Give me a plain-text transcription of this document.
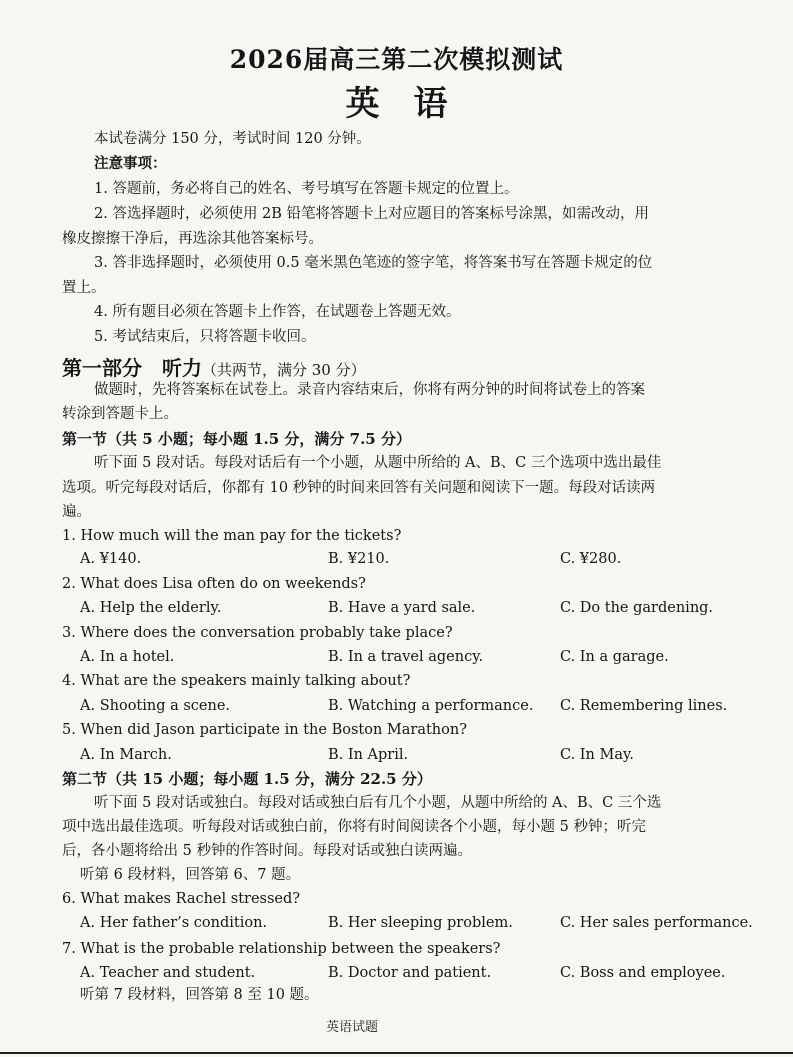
2026届高三第二次模拟测试
英语
本试卷满分 150 分，考试时间 120 分钟。
注意事项：
1. 答题前，务必将自己的姓名、考号填写在答题卡规定的位置上。
2. 答选择题时，必须使用 2B 铅笔将答题卡上对应题目的答案标号涂黑，如需改动，用
橡皮擦擦干净后，再选涂其他答案标号。
3. 答非选择题时，必须使用 0.5 毫米黑色笔迹的签字笔，将答案书写在答题卡规定的位
置上。
4. 所有题目必须在答题卡上作答，在试题卷上答题无效。
5. 考试结束后，只将答题卡收回。
第一部分　听力（共两节，满分 30 分）
做题时，先将答案标在试卷上。录音内容结束后，你将有两分钟的时间将试卷上的答案
转涂到答题卡上。
第一节（共 5 小题；每小题 1.5 分，满分 7.5 分）
听下面 5 段对话。每段对话后有一个小题，从题中所给的 A、B、C 三个选项中选出最佳
选项。听完每段对话后，你都有 10 秒钟的时间来回答有关问题和阅读下一题。每段对话读两
遍。
1. How much will the man pay for the tickets?
A. ¥140.	B. ¥210.	C. ¥280.
2. What does Lisa often do on weekends?
A. Help the elderly.	B. Have a yard sale.	C. Do the gardening.
3. Where does the conversation probably take place?
A. In a hotel.	B. In a travel agency.	C. In a garage.
4. What are the speakers mainly talking about?
A. Shooting a scene.	B. Watching a performance. C. Remembering lines.
5. When did Jason participate in the Boston Marathon?
A. In March.	B. In April.	C. In May.
第二节（共 15 小题；每小题 1.5 分，满分 22.5 分）
听下面 5 段对话或独白。每段对话或独白后有几个小题，从题中所给的 A、B、C 三个选
项中选出最佳选项。听每段对话或独白前，你将有时间阅读各个小题，每小题 5 秒钟；听完
后，各小题将给出 5 秒钟的作答时间。每段对话或独白读两遍。
听第 6 段材料，回答第 6、7 题。
6. What makes Rachel stressed?
A. Her father’s condition.	B. Her sleeping problem.	C. Her sales performance.
7. What is the probable relationship between the speakers?
A. Teacher and student.	B. Doctor and patient.	C. Boss and employee.
听第 7 段材料，回答第 8 至 10 题。
英语试题
